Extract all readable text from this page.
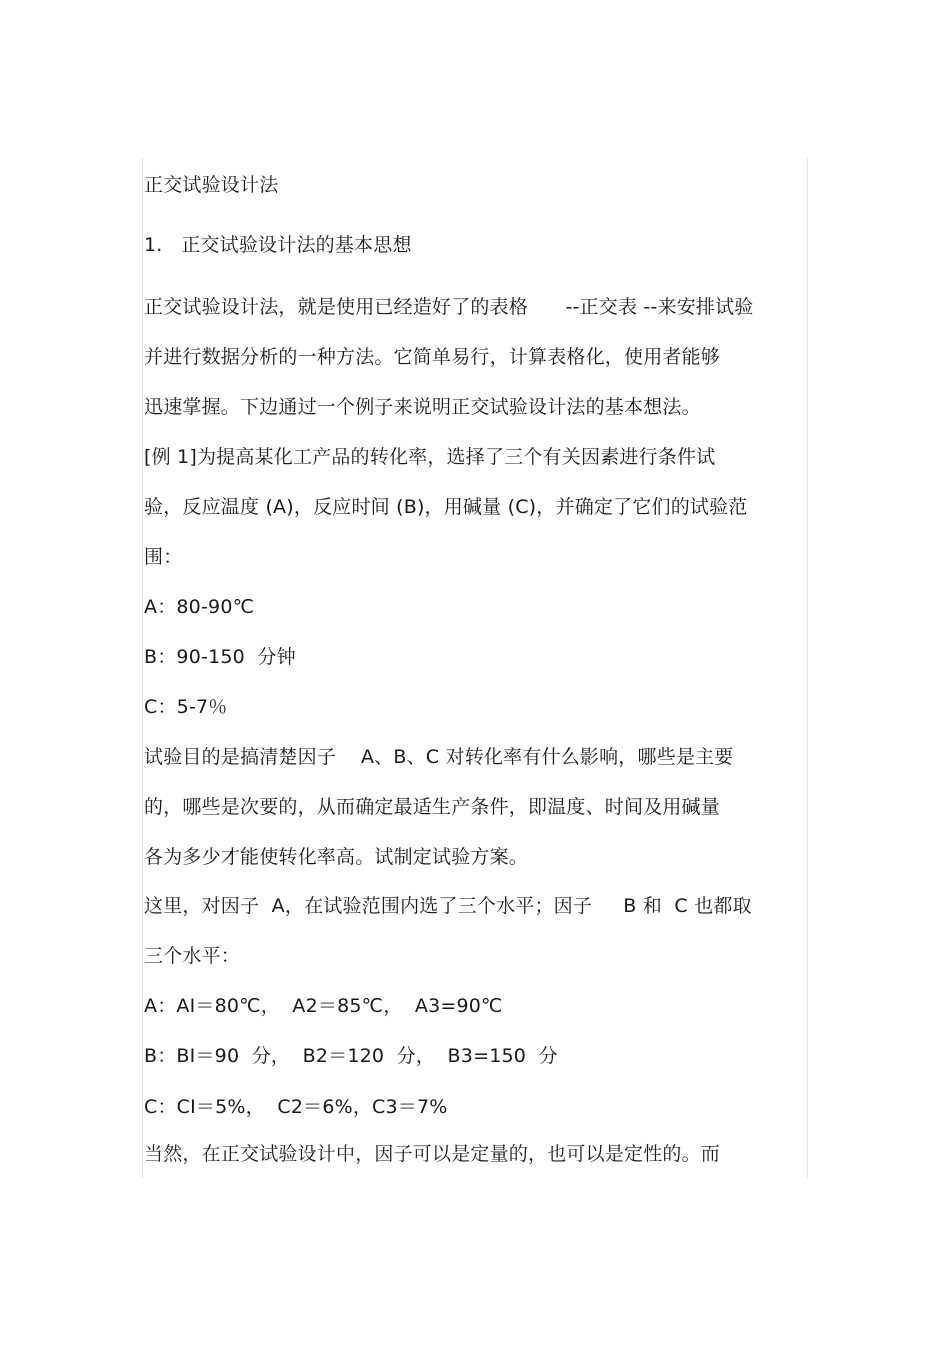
正交试验设计法
1.   正交试验设计法的基本思想
正交试验设计法，就是使用已经造好了的表格      --正交表 --来安排试验
并进行数据分析的一种方法。它简单易行，计算表格化，使用者能够
迅速掌握。下边通过一个例子来说明正交试验设计法的基本想法。
[例 1]为提高某化工产品的转化率，选择了三个有关因素进行条件试
验，反应温度 (A)，反应时间 (B)，用碱量 (C)，并确定了它们的试验范
围：
A：80-90℃
B：90-150  分钟
C：5-7％
试验目的是搞清楚因子    A、B、C 对转化率有什么影响，哪些是主要
的，哪些是次要的，从而确定最适生产条件，即温度、时间及用碱量
各为多少才能使转化率高。试制定试验方案。
这里，对因子  A，在试验范围内选了三个水平；因子     B 和  C 也都取
三个水平：
A：AI＝80℃，  A2＝85℃，  A3=90℃
B：BI＝90  分，  B2＝120  分，  B3=150  分
C：CI＝5%，  C2＝6%，C3＝7%
当然，在正交试验设计中，因子可以是定量的，也可以是定性的。而
